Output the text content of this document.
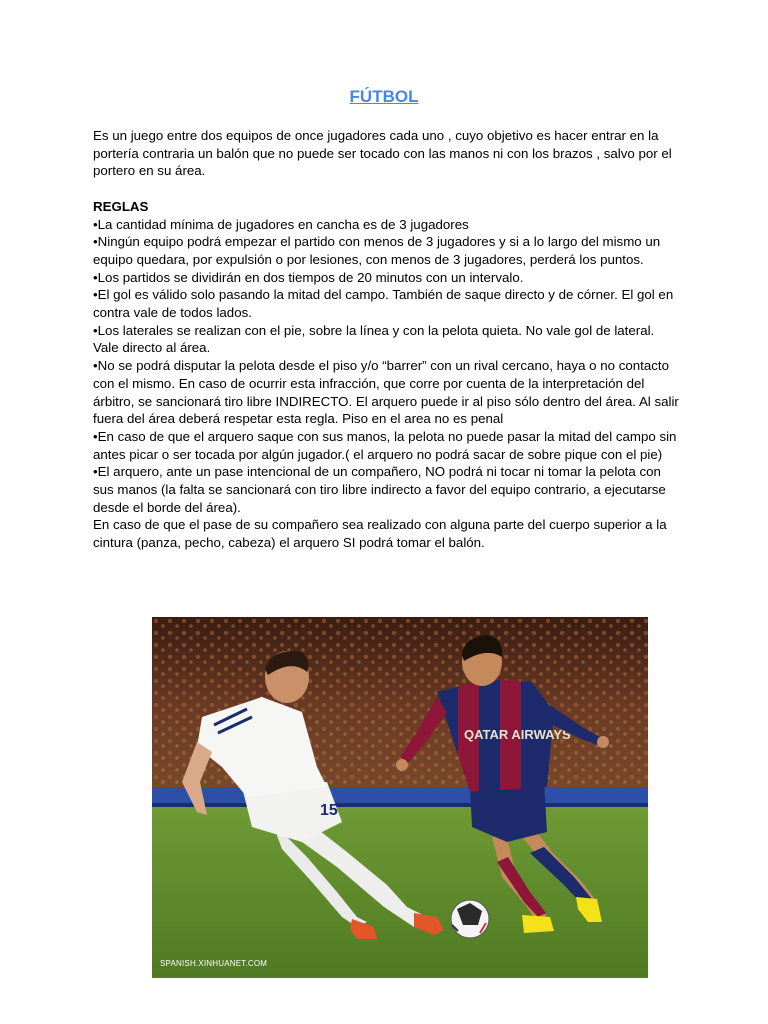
FÚTBOL

Es un juego entre dos equipos de once jugadores cada uno , cuyo objetivo es hacer entrar en la portería contraria un balón que no puede ser tocado con las manos ni con los brazos , salvo por el portero en su área.

REGLAS

•La cantidad mínima de jugadores en cancha es de 3 jugadores

•Ningún equipo podrá empezar el partido con menos de 3 jugadores y si a lo largo del mismo un equipo quedara, por expulsión o por lesiones, con menos de 3 jugadores, perderá los puntos.

•Los partidos se dividirán en dos tiempos de 20 minutos con un intervalo.

•El gol es válido solo pasando la mitad del campo. También de saque directo y de córner. El gol en contra vale de todos lados.

•Los laterales se realizan con el pie, sobre la línea y con la pelota quieta. No vale gol de lateral. Vale directo al área.

•No se podrá disputar la pelota desde el piso y/o “barrer” con un rival cercano, haya o no contacto con el mismo. En caso de ocurrir esta infracción, que corre por cuenta de la interpretación del árbitro, se sancionará tiro libre INDIRECTO. El arquero puede ir al piso sólo dentro del área. Al salir fuera del área deberá respetar esta regla. Piso en el area no es penal

•En caso de que el arquero saque con sus manos, la pelota no puede pasar la mitad del campo sin antes picar o ser tocada por algún jugador.( el arquero no podrá sacar de sobre pique con el pie)

•El arquero, ante un pase intencional de un compañero, NO podrá ni tocar ni tomar la pelota con sus manos (la falta se sancionará con tiro libre indirecto a favor del equipo contrario, a ejecutarse desde el borde del área).

En caso de que el pase de su compañero sea realizado con alguna parte del cuerpo superior a la cintura (panza, pecho, cabeza) el arquero SI podrá tomar el balón.

15
QATAR AIRWAYS
SPANISH.XINHUANET.COM
